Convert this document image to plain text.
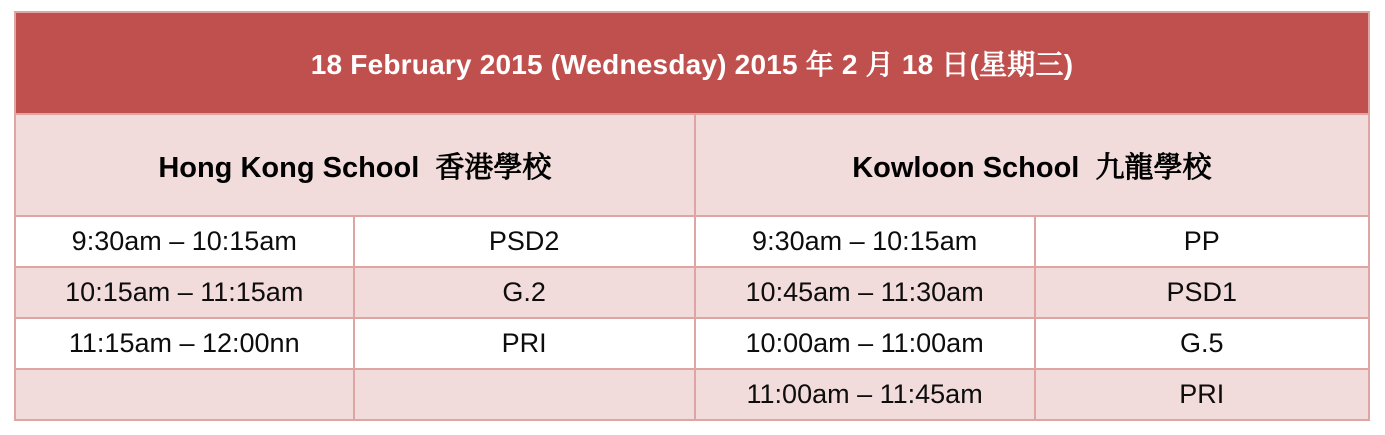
18 February 2015 (Wednesday) 2015 年 2 月 18 日(星期三)			
Hong Kong School  香港學校		Kowloon School  九龍學校	
9:30am – 10:15am	PSD2	9:30am – 10:15am	PP
10:15am – 11:15am	G.2	10:45am – 11:30am	PSD1
11:15am – 12:00nn	PRI	10:00am – 11:00am	G.5
		11:00am – 11:45am	PRI
